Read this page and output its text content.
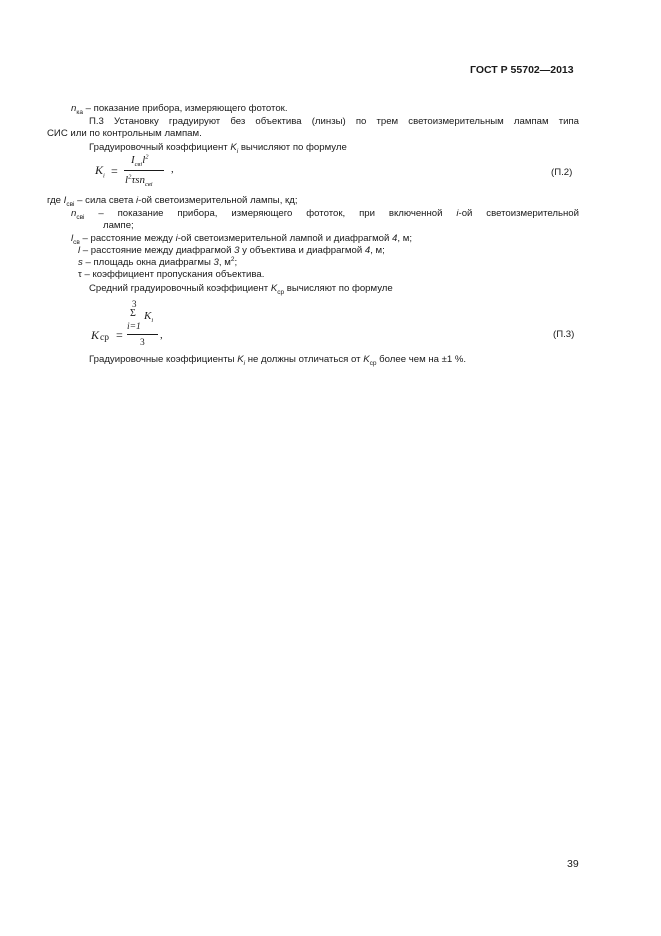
ГОСТ Р 55702—2013
39
$n_{ка}$ – показание прибора, измеряющего фототок.
П.3 Установку градуируют без объектива (линзы) по трем светоизмерительным лампам типа
СИС или по контрольным лампам.
Градуировочный коэффициент $K_i$ вычисляют по формуле
$K_i$ =
$I_{свi}l^2$
$l^2\tau sn_{свi}$
,	(П.2)
где $I_{свi}$ – сила света i-ой светоизмерительной лампы, кд;
$n_{свi}$ – показание прибора, измеряющего фототок, при включенной i-ой светоизмерительной
лампе;
$l_{св}$ – расстояние между i-ой светоизмерительной лампой и диафрагмой 4, м;
l – расстояние между диафрагмой 3 у объектива и диафрагмой 4, м;
s – площадь окна диафрагмы 3, $м^2$;
τ – коэффициент пропускания объектива.
Средний градуировочный коэффициент $K_{ср}$ вычисляют по формуле
3
Σ $K_i$
i=1
K ср =
3
,	(П.3)
Градуировочные коэффициенты $K_i$ не должны отличаться от $K_{ср}$ более чем на ±1 %.
